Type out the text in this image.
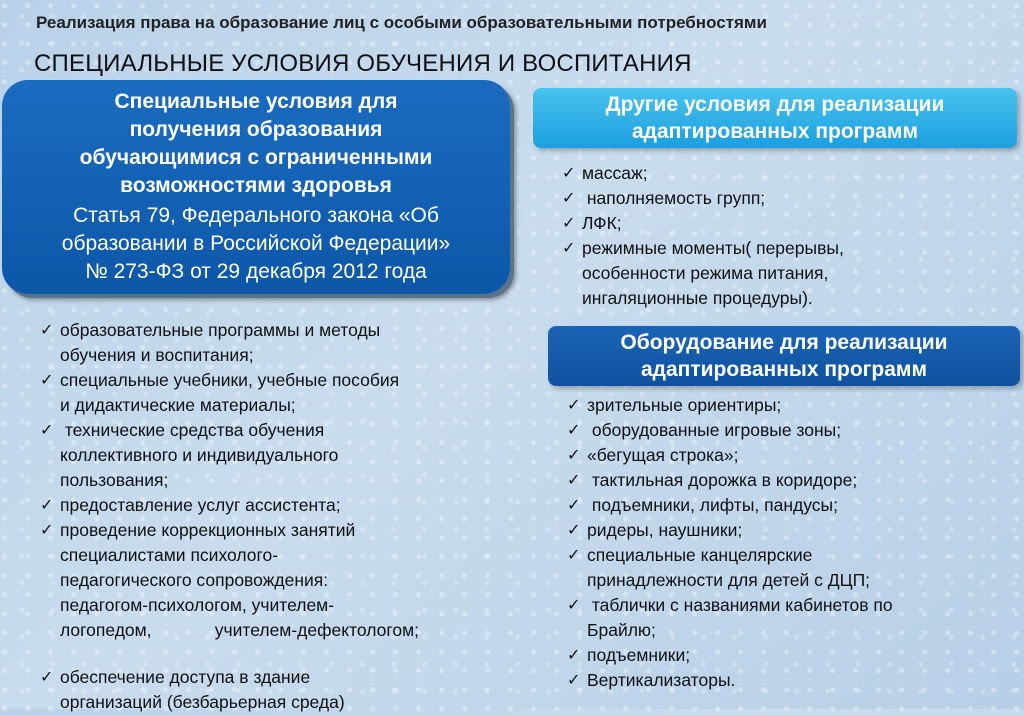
Реализация права на образование лиц с особыми образовательными потребностями
СПЕЦИАЛЬНЫЕ УСЛОВИЯ ОБУЧЕНИЯ И ВОСПИТАНИЯ
Специальные условия для
получения образования
обучающимися с ограниченными
возможностями здоровья
Статья 79, Федерального закона «Об
образовании в Российской Федерации»
№ 273-ФЗ от 29 декабря 2012 года
Другие условия для реализации
адаптированных программ
✓ массаж;
✓ наполняемость групп;
✓ ЛФК;
✓ режимные моменты( перерывы,
особенности режима питания,
ингаляционные процедуры).
Оборудование для реализации
адаптированных программ
✓ зрительные ориентиры;
✓ оборудованные игровые зоны;
✓ «бегущая строка»;
✓ тактильная дорожка в коридоре;
✓ подъемники, лифты, пандусы;
✓ ридеры, наушники;
✓ специальные канцелярские
принадлежности для детей с ДЦП;
✓ таблички с названиями кабинетов по
Брайлю;
✓ подъемники;
✓ Вертикализаторы.
✓ образовательные программы и методы
обучения и воспитания;
✓ специальные учебники, учебные пособия
и дидактические материалы;
✓ технические средства обучения
коллективного и индивидуального
пользования;
✓ предоставление услуг ассистента;
✓ проведение коррекционных занятий
специалистами психолого-
педагогического сопровождения:
педагогом-психологом, учителем-
логопедом,             учителем-дефектологом;
✓ обеспечение доступа в здание
организаций (безбарьерная среда)
